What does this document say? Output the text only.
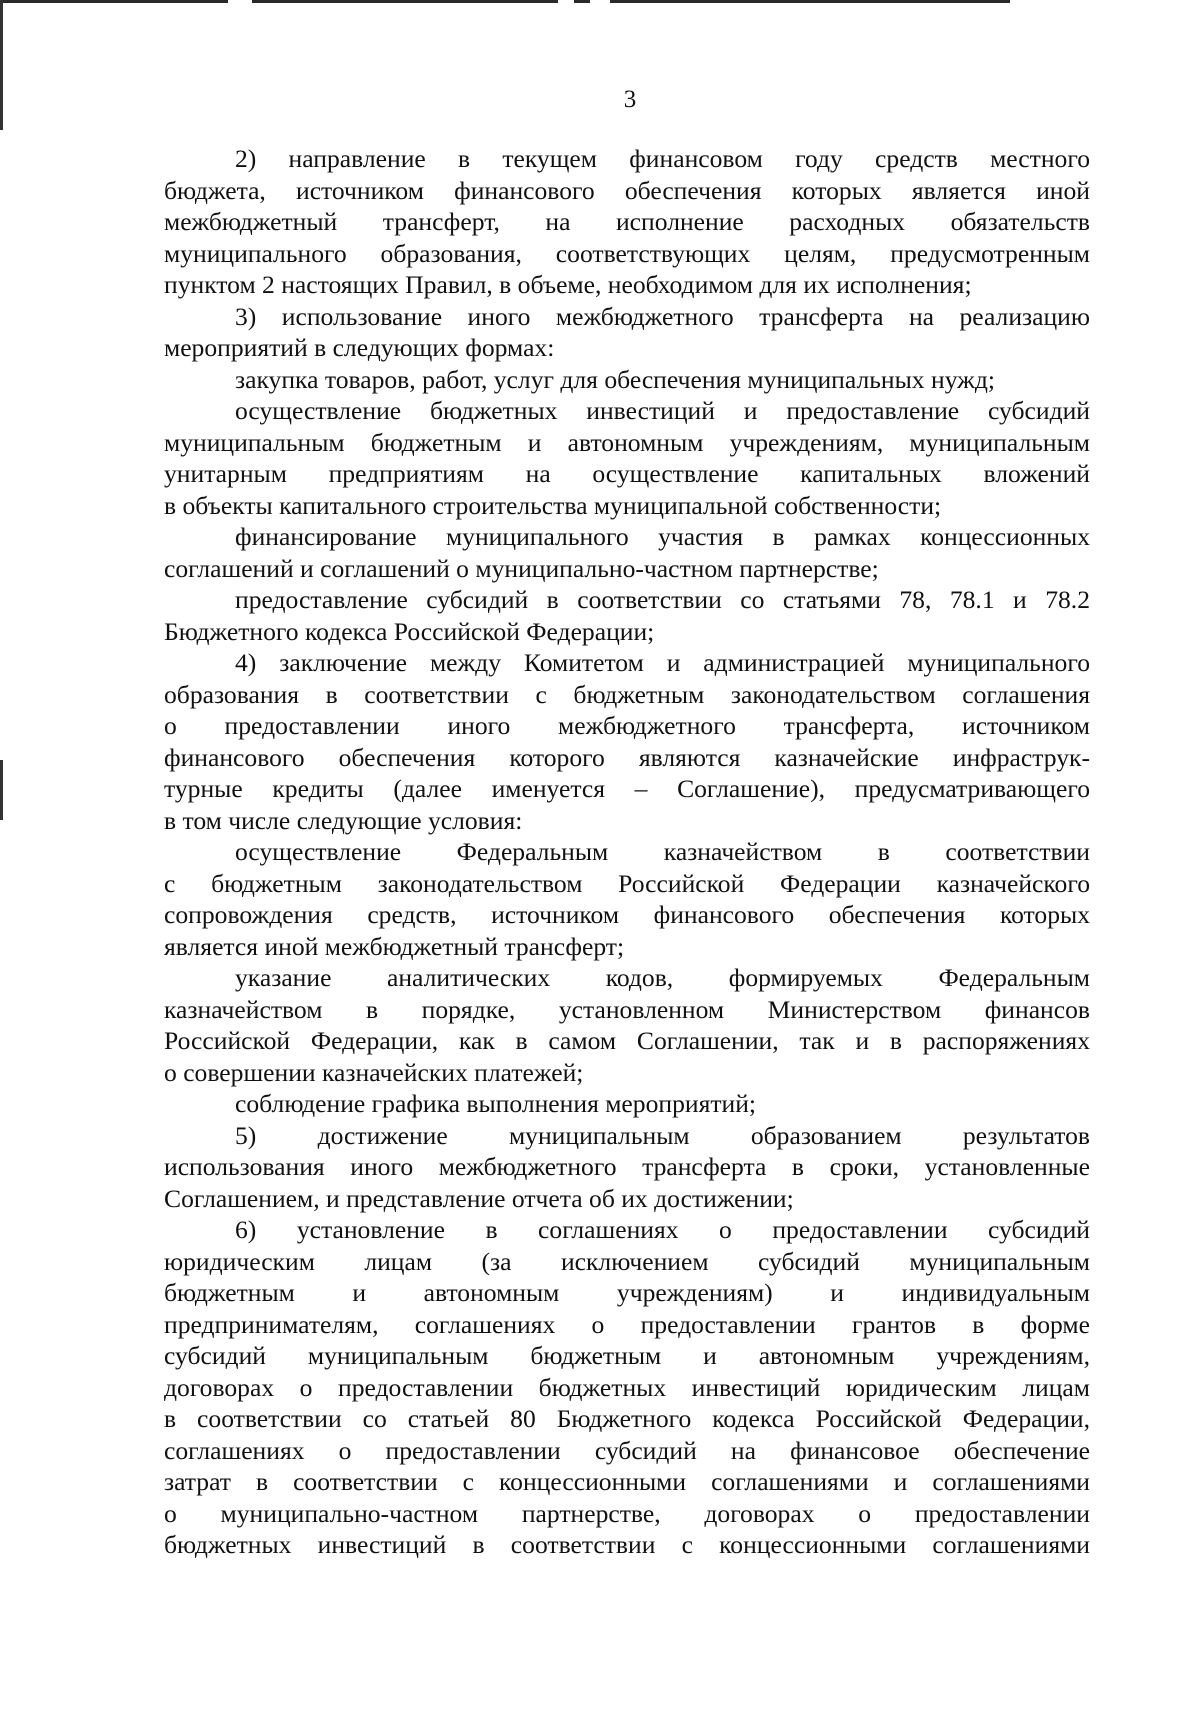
3
2) направление в текущем финансовом году средств местного
бюджета, источником финансового обеспечения которых является иной
межбюджетный трансферт, на исполнение расходных обязательств
муниципального образования, соответствующих целям, предусмотренным
пунктом 2 настоящих Правил, в объеме, необходимом для их исполнения;
3) использование иного межбюджетного трансферта на реализацию
мероприятий в следующих формах:
закупка товаров, работ, услуг для обеспечения муниципальных нужд;
осуществление бюджетных инвестиций и предоставление субсидий
муниципальным бюджетным и автономным учреждениям, муниципальным
унитарным предприятиям на осуществление капитальных вложений
в объекты капитального строительства муниципальной собственности;
финансирование муниципального участия в рамках концессионных
соглашений и соглашений о муниципально-частном партнерстве;
предоставление субсидий в соответствии со статьями 78, 78.1 и 78.2
Бюджетного кодекса Российской Федерации;
4) заключение между Комитетом и администрацией муниципального
образования в соответствии с бюджетным законодательством соглашения
о предоставлении иного межбюджетного трансферта, источником
финансового обеспечения которого являются казначейские инфраструк-
турные кредиты (далее именуется – Соглашение), предусматривающего
в том числе следующие условия:
осуществление Федеральным казначейством в соответствии
с бюджетным законодательством Российской Федерации казначейского
сопровождения средств, источником финансового обеспечения которых
является иной межбюджетный трансферт;
указание аналитических кодов, формируемых Федеральным
казначейством в порядке, установленном Министерством финансов
Российской Федерации, как в самом Соглашении, так и в распоряжениях
о совершении казначейских платежей;
соблюдение графика выполнения мероприятий;
5) достижение муниципальным образованием результатов
использования иного межбюджетного трансферта в сроки, установленные
Соглашением, и представление отчета об их достижении;
6) установление в соглашениях о предоставлении субсидий
юридическим лицам (за исключением субсидий муниципальным
бюджетным и автономным учреждениям) и индивидуальным
предпринимателям, соглашениях о предоставлении грантов в форме
субсидий муниципальным бюджетным и автономным учреждениям,
договорах о предоставлении бюджетных инвестиций юридическим лицам
в соответствии со статьей 80 Бюджетного кодекса Российской Федерации,
соглашениях о предоставлении субсидий на финансовое обеспечение
затрат в соответствии с концессионными соглашениями и соглашениями
о муниципально-частном партнерстве, договорах о предоставлении
бюджетных инвестиций в соответствии с концессионными соглашениями
